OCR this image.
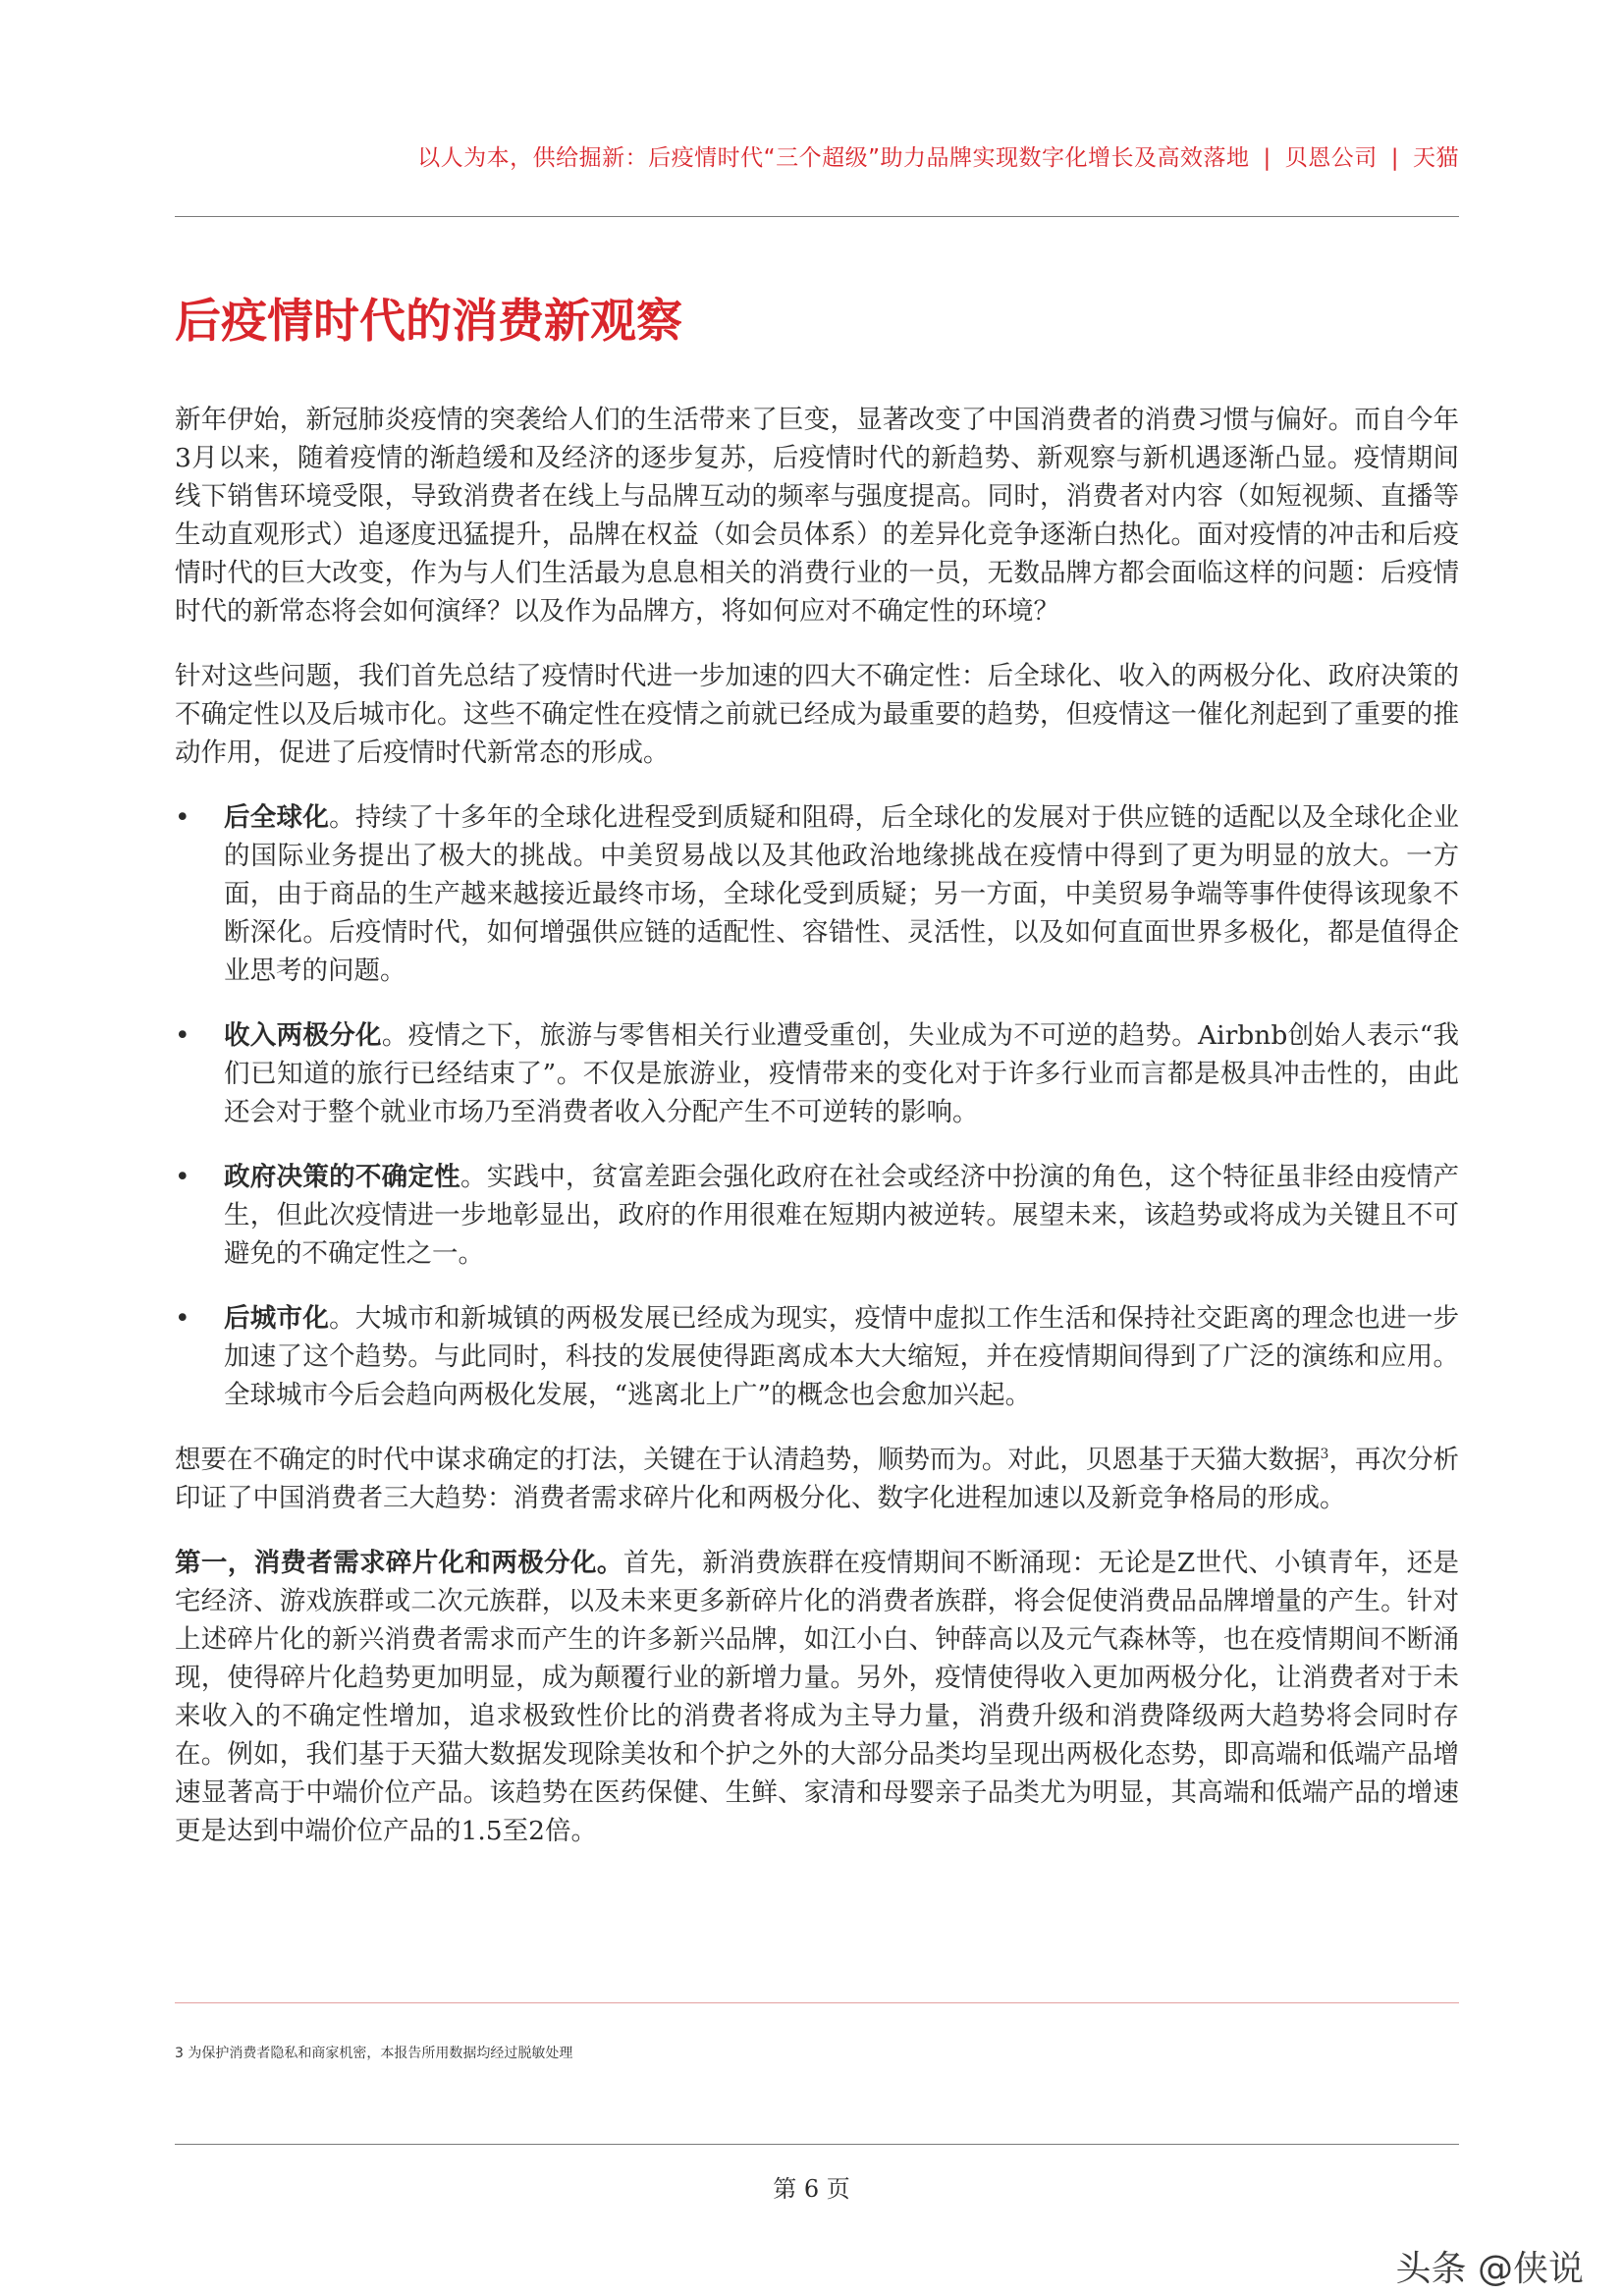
以人为本，供给掘新：后疫情时代“三个超级”助力品牌实现数字化增长及高效落地 | 贝恩公司 | 天猫
后疫情时代的消费新观察

新年伊始，新冠肺炎疫情的突袭给人们的生活带来了巨变，显著改变了中国消费者的消费习惯与偏好。而自今年3月以来，随着疫情的渐趋缓和及经济的逐步复苏，后疫情时代的新趋势、新观察与新机遇逐渐凸显。疫情期间线下销售环境受限，导致消费者在线上与品牌互动的频率与强度提高。同时，消费者对内容（如短视频、直播等生动直观形式）追逐度迅猛提升，品牌在权益（如会员体系）的差异化竞争逐渐白热化。面对疫情的冲击和后疫情时代的巨大改变，作为与人们生活最为息息相关的消费行业的一员，无数品牌方都会面临这样的问题：后疫情时代的新常态将会如何演绎？以及作为品牌方，将如何应对不确定性的环境？

针对这些问题，我们首先总结了疫情时代进一步加速的四大不确定性：后全球化、收入的两极分化、政府决策的不确定性以及后城市化。这些不确定性在疫情之前就已经成为最重要的趋势，但疫情这一催化剂起到了重要的推动作用，促进了后疫情时代新常态的形成。

• 后全球化。持续了十多年的全球化进程受到质疑和阻碍，后全球化的发展对于供应链的适配以及全球化企业的国际业务提出了极大的挑战。中美贸易战以及其他政治地缘挑战在疫情中得到了更为明显的放大。一方面，由于商品的生产越来越接近最终市场，全球化受到质疑；另一方面，中美贸易争端等事件使得该现象不断深化。后疫情时代，如何增强供应链的适配性、容错性、灵活性，以及如何直面世界多极化，都是值得企业思考的问题。
• 收入两极分化。疫情之下，旅游与零售相关行业遭受重创，失业成为不可逆的趋势。Airbnb创始人表示“我们已知道的旅行已经结束了”。不仅是旅游业，疫情带来的变化对于许多行业而言都是极具冲击性的，由此还会对于整个就业市场乃至消费者收入分配产生不可逆转的影响。
• 政府决策的不确定性。实践中，贫富差距会强化政府在社会或经济中扮演的角色，这个特征虽非经由疫情产生，但此次疫情进一步地彰显出，政府的作用很难在短期内被逆转。展望未来，该趋势或将成为关键且不可避免的不确定性之一。
• 后城市化。大城市和新城镇的两极发展已经成为现实，疫情中虚拟工作生活和保持社交距离的理念也进一步加速了这个趋势。与此同时，科技的发展使得距离成本大大缩短，并在疫情期间得到了广泛的演练和应用。全球城市今后会趋向两极化发展，“逃离北上广”的概念也会愈加兴起。

想要在不确定的时代中谋求确定的打法，关键在于认清趋势，顺势而为。对此，贝恩基于天猫大数据$^3$，再次分析印证了中国消费者三大趋势：消费者需求碎片化和两极分化、数字化进程加速以及新竞争格局的形成。

第一，消费者需求碎片化和两极分化。首先，新消费族群在疫情期间不断涌现：无论是Z世代、小镇青年，还是宅经济、游戏族群或二次元族群，以及未来更多新碎片化的消费者族群，将会促使消费品品牌增量的产生。针对上述碎片化的新兴消费者需求而产生的许多新兴品牌，如江小白、钟薛高以及元气森林等，也在疫情期间不断涌现，使得碎片化趋势更加明显，成为颠覆行业的新增力量。另外，疫情使得收入更加两极分化，让消费者对于未来收入的不确定性增加，追求极致性价比的消费者将成为主导力量，消费升级和消费降级两大趋势将会同时存在。例如，我们基于天猫大数据发现除美妆和个护之外的大部分品类均呈现出两极化态势，即高端和低端产品增速显著高于中端价位产品。该趋势在医药保健、生鲜、家清和母婴亲子品类尤为明显，其高端和低端产品的增速更是达到中端价位产品的1.5至2倍。

3 为保护消费者隐私和商家机密，本报告所用数据均经过脱敏处理
第 6 页
头条 @侠说
